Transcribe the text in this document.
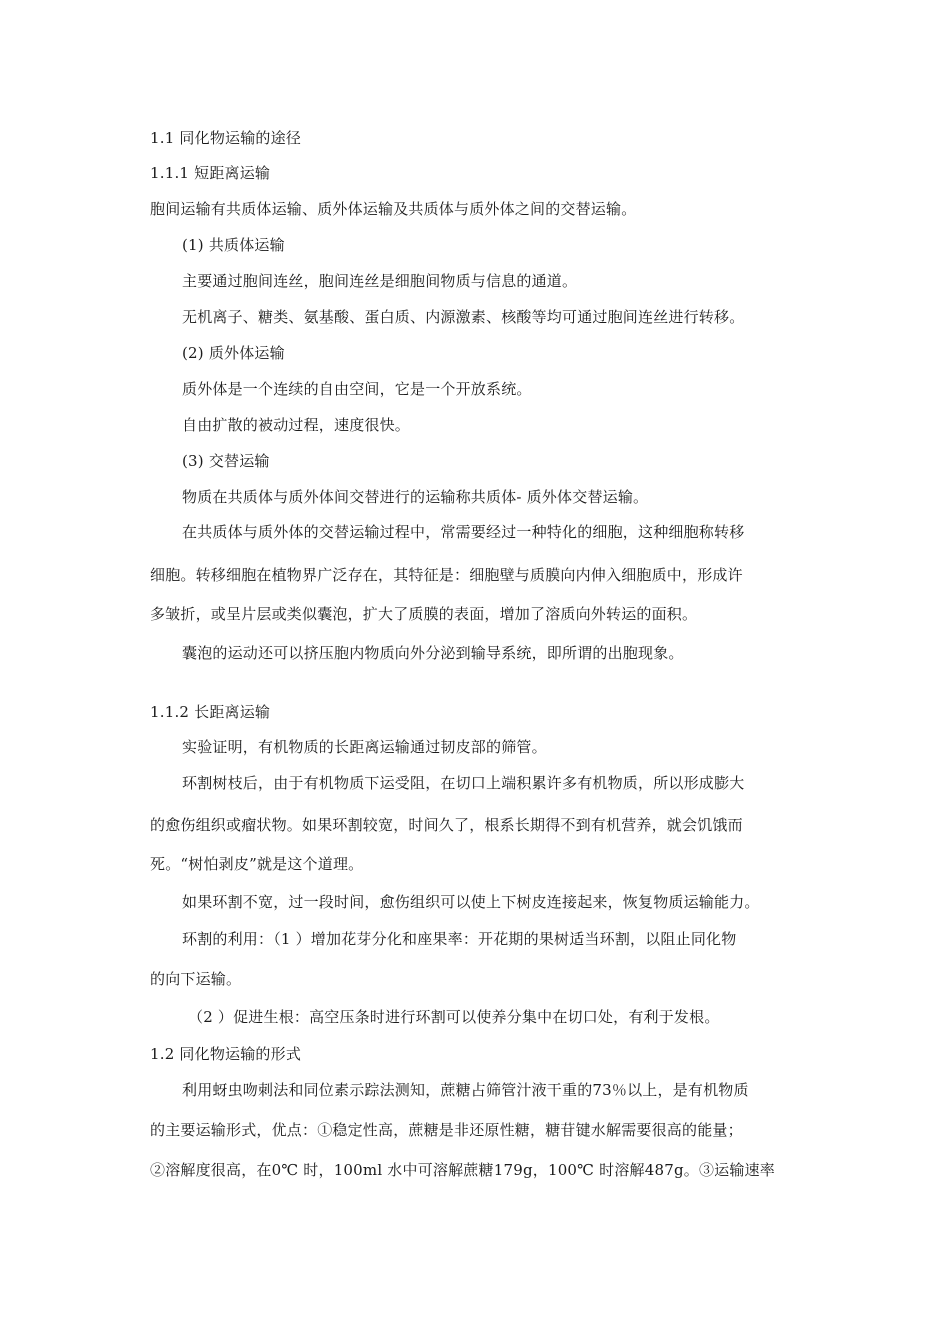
1.1 同化物运输的途径
1.1.1 短距离运输
胞间运输有共质体运输、质外体运输及共质体与质外体之间的交替运输。
(1) 共质体运输
主要通过胞间连丝，胞间连丝是细胞间物质与信息的通道。
无机离子、糖类、氨基酸、蛋白质、内源激素、核酸等均可通过胞间连丝进行转移。
(2) 质外体运输
质外体是一个连续的自由空间，它是一个开放系统。
自由扩散的被动过程，速度很快。
(3) 交替运输
物质在共质体与质外体间交替进行的运输称共质体- 质外体交替运输。
在共质体与质外体的交替运输过程中，常需要经过一种特化的细胞，这种细胞称转移
细胞。转移细胞在植物界广泛存在，其特征是：细胞壁与质膜向内伸入细胞质中，形成许
多皱折，或呈片层或类似囊泡，扩大了质膜的表面，增加了溶质向外转运的面积。
囊泡的运动还可以挤压胞内物质向外分泌到输导系统，即所谓的出胞现象。
1.1.2 长距离运输
实验证明，有机物质的长距离运输通过韧皮部的筛管。
环割树枝后，由于有机物质下运受阻，在切口上端积累许多有机物质，所以形成膨大
的愈伤组织或瘤状物。如果环割较宽，时间久了，根系长期得不到有机营养，就会饥饿而
死。“树怕剥皮”就是这个道理。
如果环割不宽，过一段时间，愈伤组织可以使上下树皮连接起来，恢复物质运输能力。
环割的利用：（1 ）增加花芽分化和座果率：开花期的果树适当环割，以阻止同化物
的向下运输。
（2 ）促进生根：高空压条时进行环割可以使养分集中在切口处，有利于发根。
1.2 同化物运输的形式
利用蚜虫吻刺法和同位素示踪法测知，蔗糖占筛管汁液干重的73％以上，是有机物质
的主要运输形式，优点：①稳定性高，蔗糖是非还原性糖，糖苷键水解需要很高的能量；
②溶解度很高，在0℃ 时，100ml 水中可溶解蔗糖179g，100℃ 时溶解487g。③运输速率
